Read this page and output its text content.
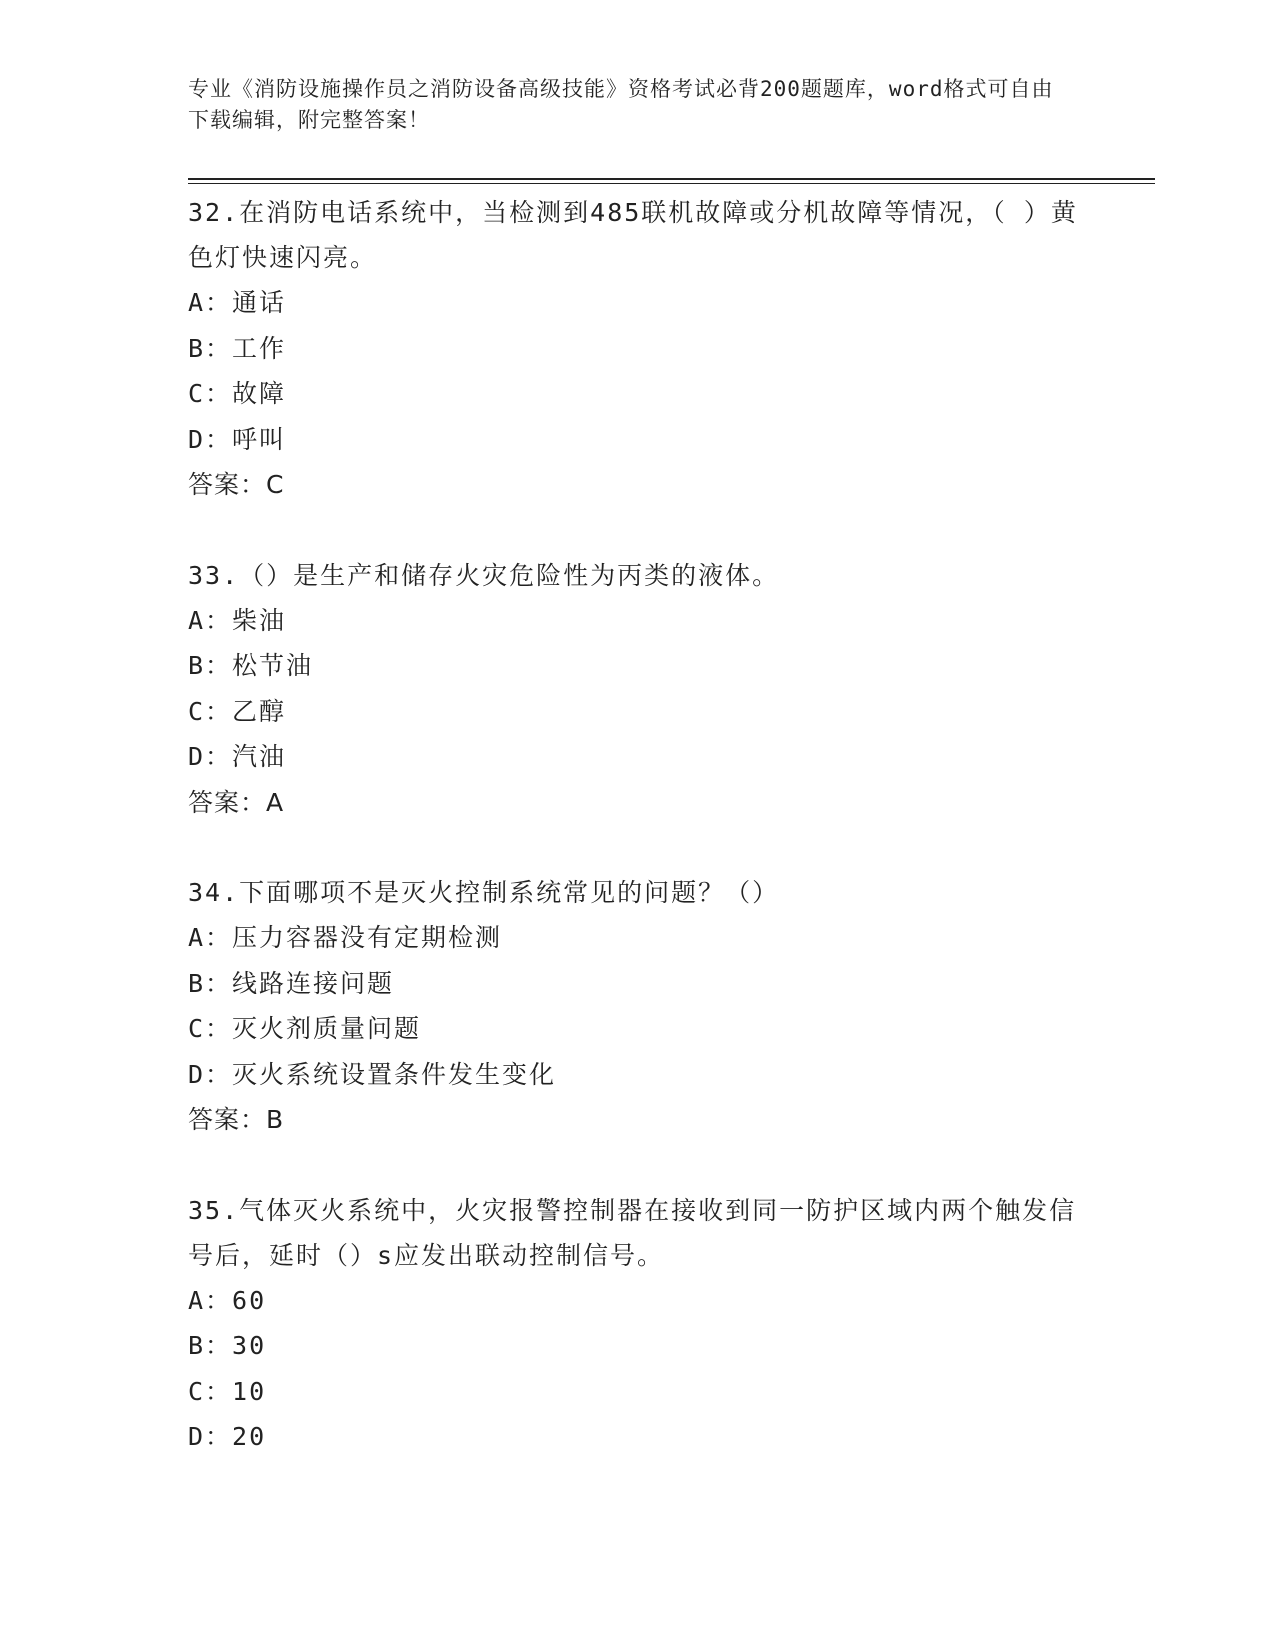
专业《消防设施操作员之消防设备高级技能》资格考试必背200题题库，word格式可自由下载编辑，附完整答案！

32.在消防电话系统中，当检测到485联机故障或分机故障等情况，（ ）黄色灯快速闪亮。

A：通话

B：工作

C：故障

D：呼叫

答案：C

33.（）是生产和储存火灾危险性为丙类的液体。

A：柴油

B：松节油

C：乙醇

D：汽油

答案：A

34.下面哪项不是灭火控制系统常见的问题？（）

A：压力容器没有定期检测

B：线路连接问题

C：灭火剂质量问题

D：灭火系统设置条件发生变化

答案：B

35.气体灭火系统中，火灾报警控制器在接收到同一防护区域内两个触发信号后，延时（）s应发出联动控制信号。

A：60

B：30

C：10

D：20
